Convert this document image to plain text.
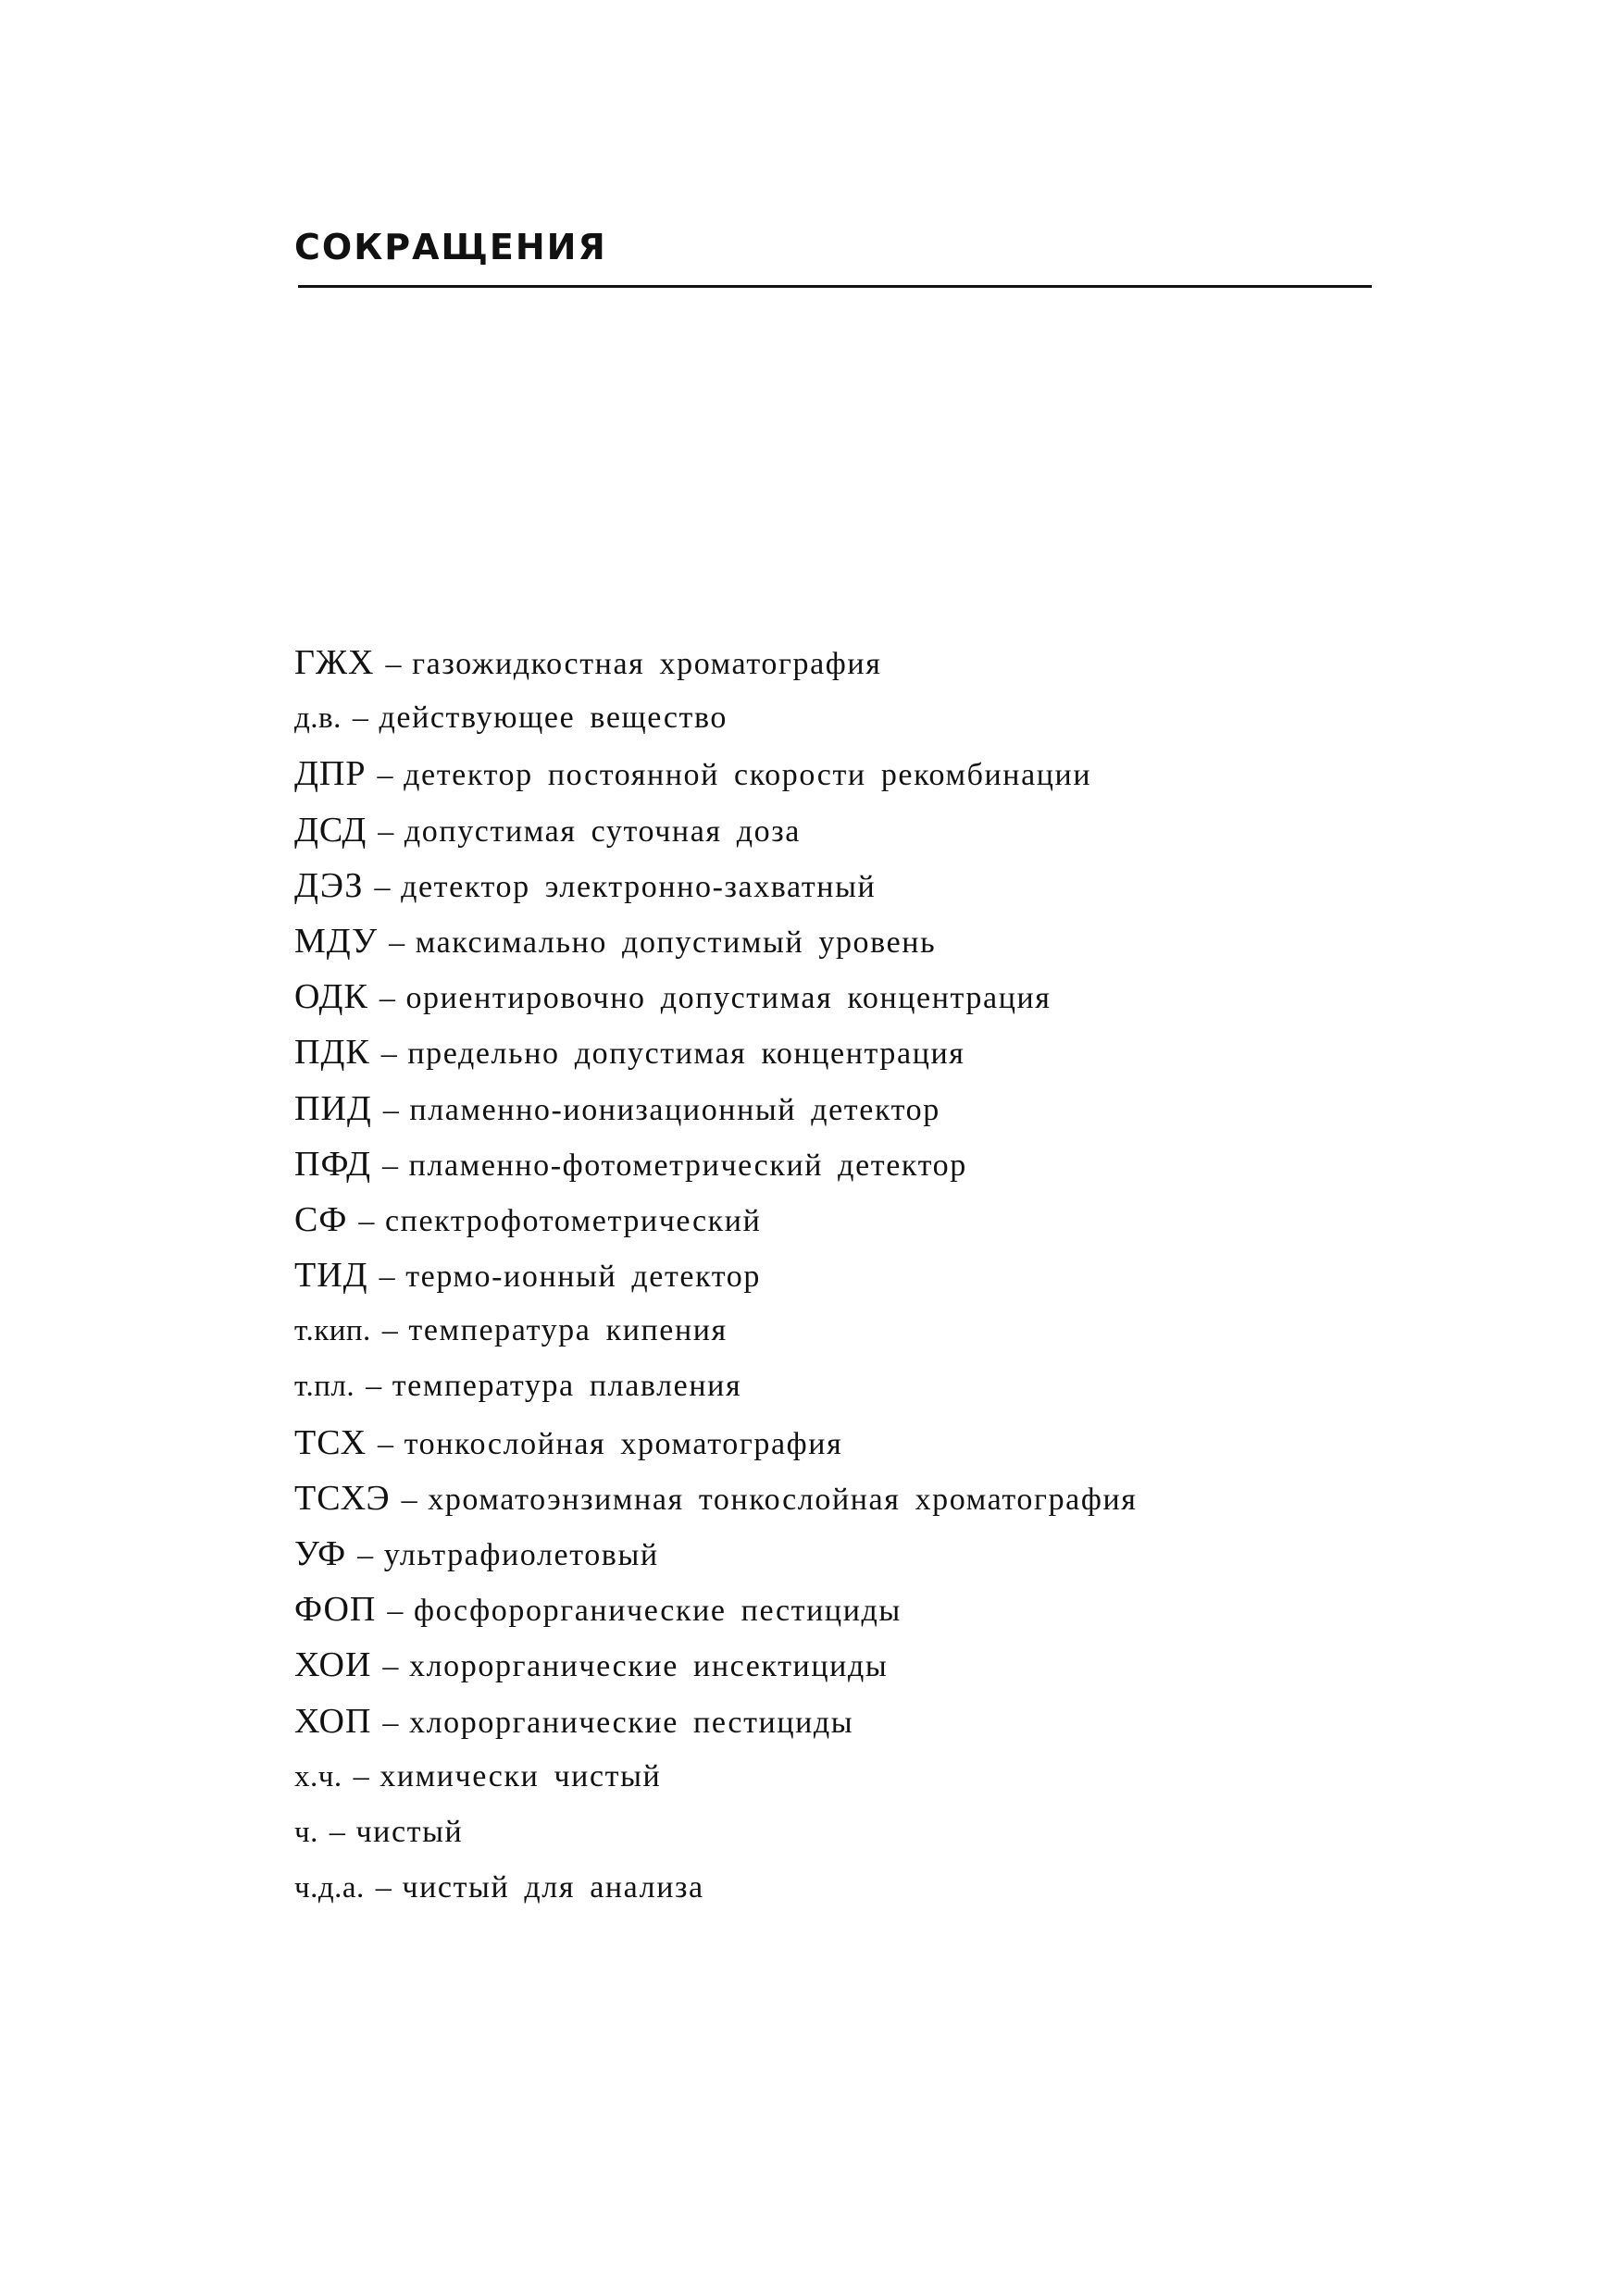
СОКРАЩЕНИЯ
ГЖХ – газожидкостная хроматография
д.в. – действующее вещество
ДПР – детектор постоянной скорости рекомбинации
ДСД – допустимая суточная доза
ДЭЗ – детектор электронно-захватный
МДУ – максимально допустимый уровень
ОДК – ориентировочно допустимая концентрация
ПДК – предельно допустимая концентрация
ПИД – пламенно-ионизационный детектор
ПФД – пламенно-фотометрический детектор
СФ – спектрофотометрический
ТИД – термо-ионный детектор
т.кип. – температура кипения
т.пл. – температура плавления
ТСХ – тонкослойная хроматография
ТСХЭ – хроматоэнзимная тонкослойная хроматография
УФ – ультрафиолетовый
ФОП – фосфорорганические пестициды
ХОИ – хлорорганические инсектициды
ХОП – хлорорганические пестициды
х.ч. – химически чистый
ч. – чистый
ч.д.а. – чистый для анализа
